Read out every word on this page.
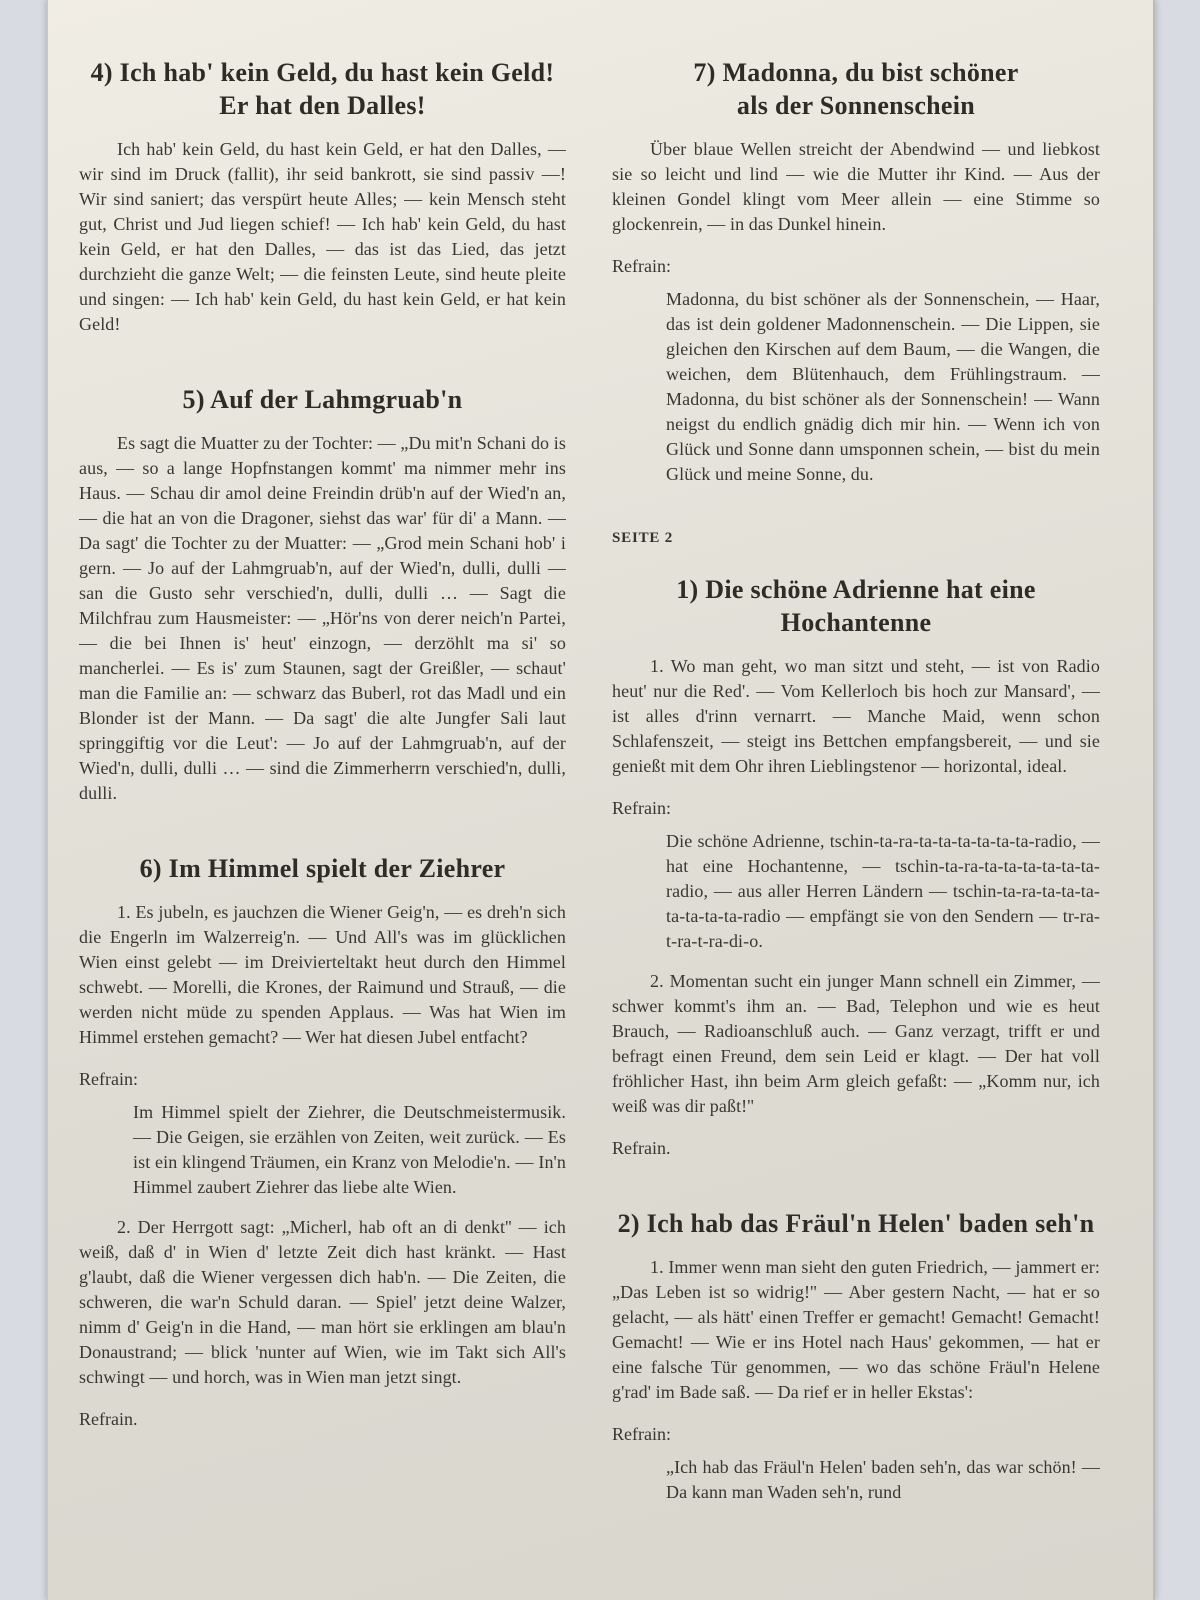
4) Ich hab' kein Geld, du hast kein Geld!
Er hat den Dalles!

Ich hab' kein Geld, du hast kein Geld, er hat den Dalles, — wir sind im Druck (fallit), ihr seid bankrott, sie sind passiv —! Wir sind saniert; das verspürt heute Alles; — kein Mensch steht gut, Christ und Jud liegen schief! — Ich hab' kein Geld, du hast kein Geld, er hat den Dalles, — das ist das Lied, das jetzt durchzieht die ganze Welt; — die feinsten Leute, sind heute pleite und singen: — Ich hab' kein Geld, du hast kein Geld, er hat kein Geld!

5) Auf der Lahmgruab'n

Es sagt die Muatter zu der Tochter: — „Du mit'n Schani do is aus, — so a lange Hopfnstangen kommt' ma nimmer mehr ins Haus. — Schau dir amol deine Freindin drüb'n auf der Wied'n an, — die hat an von die Dragoner, siehst das war' für di' a Mann. — Da sagt' die Tochter zu der Muatter: — „Grod mein Schani hob' i gern. — Jo auf der Lahmgruab'n, auf der Wied'n, dulli, dulli — san die Gusto sehr verschied'n, dulli, dulli … — Sagt die Milchfrau zum Hausmeister: — „Hör'ns von derer neich'n Partei, — die bei Ihnen is' heut' einzogn, — derzöhlt ma si' so mancherlei. — Es is' zum Staunen, sagt der Greißler, — schaut' man die Familie an: — schwarz das Buberl, rot das Madl und ein Blonder ist der Mann. — Da sagt' die alte Jungfer Sali laut springgiftig vor die Leut': — Jo auf der Lahmgruab'n, auf der Wied'n, dulli, dulli … — sind die Zimmerherrn verschied'n, dulli, dulli.

6) Im Himmel spielt der Ziehrer

1. Es jubeln, es jauchzen die Wiener Geig'n, — es dreh'n sich die Engerln im Walzerreig'n. — Und All's was im glücklichen Wien einst gelebt — im Dreivierteltakt heut durch den Himmel schwebt. — Morelli, die Krones, der Raimund und Strauß, — die werden nicht müde zu spenden Applaus. — Was hat Wien im Himmel erstehen gemacht? — Wer hat diesen Jubel entfacht?

Refrain:

Im Himmel spielt der Ziehrer, die Deutschmeistermusik. — Die Geigen, sie erzählen von Zeiten, weit zurück. — Es ist ein klingend Träumen, ein Kranz von Melodie'n. — In'n Himmel zaubert Ziehrer das liebe alte Wien.

2. Der Herrgott sagt: „Micherl, hab oft an di denkt'' — ich weiß, daß d' in Wien d' letzte Zeit dich hast kränkt. — Hast g'laubt, daß die Wiener vergessen dich hab'n. — Die Zeiten, die schweren, die war'n Schuld daran. — Spiel' jetzt deine Walzer, nimm d' Geig'n in die Hand, — man hört sie erklingen am blau'n Donaustrand; — blick 'nunter auf Wien, wie im Takt sich All's schwingt — und horch, was in Wien man jetzt singt.

Refrain.

7) Madonna, du bist schöner
als der Sonnenschein

Über blaue Wellen streicht der Abendwind — und liebkost sie so leicht und lind — wie die Mutter ihr Kind. — Aus der kleinen Gondel klingt vom Meer allein — eine Stimme so glockenrein, — in das Dunkel hinein.

Refrain:

Madonna, du bist schöner als der Sonnenschein, — Haar, das ist dein goldener Madonnenschein. — Die Lippen, sie gleichen den Kirschen auf dem Baum, — die Wangen, die weichen, dem Blütenhauch, dem Frühlingstraum. — Madonna, du bist schöner als der Sonnenschein! — Wann neigst du endlich gnädig dich mir hin. — Wenn ich von Glück und Sonne dann umsponnen schein, — bist du mein Glück und meine Sonne, du.

SEITE 2

1) Die schöne Adrienne hat eine Hochantenne

1. Wo man geht, wo man sitzt und steht, — ist von Radio heut' nur die Red'. — Vom Kellerloch bis hoch zur Mansard', — ist alles d'rinn vernarrt. — Manche Maid, wenn schon Schlafenszeit, — steigt ins Bettchen empfangsbereit, — und sie genießt mit dem Ohr ihren Lieblingstenor — horizontal, ideal.

Refrain:

Die schöne Adrienne, tschin-ta-ra-ta-ta-ta-ta-ta-ta-radio, — hat eine Hochantenne, — tschin-ta-ra-ta-ta-ta-ta-ta-ta-radio, — aus aller Herren Ländern — tschin-ta-ra-ta-ta-ta-ta-ta-ta-ta-radio — empfängt sie von den Sendern — tr-ra-t-ra-t-ra-di-o.

2. Momentan sucht ein junger Mann schnell ein Zimmer, — schwer kommt's ihm an. — Bad, Telephon und wie es heut Brauch, — Radioanschluß auch. — Ganz verzagt, trifft er und befragt einen Freund, dem sein Leid er klagt. — Der hat voll fröhlicher Hast, ihn beim Arm gleich gefaßt: — „Komm nur, ich weiß was dir paßt!''

Refrain.

2) Ich hab das Fräul'n Helen' baden seh'n

1. Immer wenn man sieht den guten Friedrich, — jammert er: „Das Leben ist so widrig!'' — Aber gestern Nacht, — hat er so gelacht, — als hätt' einen Treffer er gemacht! Gemacht! Gemacht! Gemacht! — Wie er ins Hotel nach Haus' gekommen, — hat er eine falsche Tür genommen, — wo das schöne Fräul'n Helene g'rad' im Bade saß. — Da rief er in heller Ekstas':

Refrain:

„Ich hab das Fräul'n Helen' baden seh'n, das war schön! — Da kann man Waden seh'n, rund
